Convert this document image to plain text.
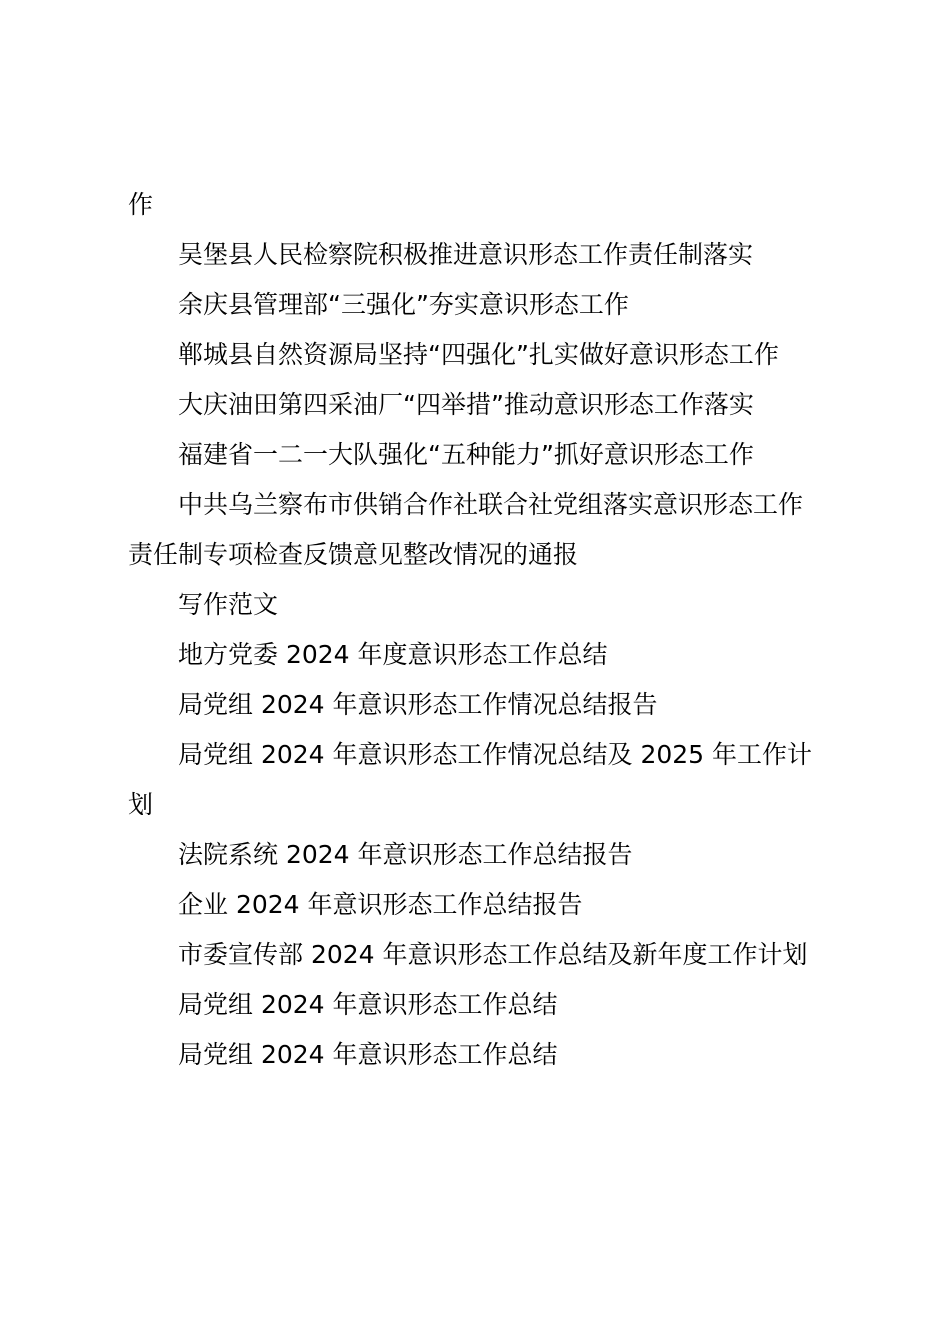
作
吴堡县人民检察院积极推进意识形态工作责任制落实
余庆县管理部“三强化”夯实意识形态工作
郸城县自然资源局坚持“四强化”扎实做好意识形态工作
大庆油田第四采油厂“四举措”推动意识形态工作落实
福建省一二一大队强化“五种能力”抓好意识形态工作
中共乌兰察布市供销合作社联合社党组落实意识形态工作
责任制专项检查反馈意见整改情况的通报
写作范文
地方党委 2024 年度意识形态工作总结
局党组 2024 年意识形态工作情况总结报告
局党组 2024 年意识形态工作情况总结及 2025 年工作计
划
法院系统 2024 年意识形态工作总结报告
企业 2024 年意识形态工作总结报告
市委宣传部 2024 年意识形态工作总结及新年度工作计划
局党组 2024 年意识形态工作总结
局党组 2024 年意识形态工作总结
